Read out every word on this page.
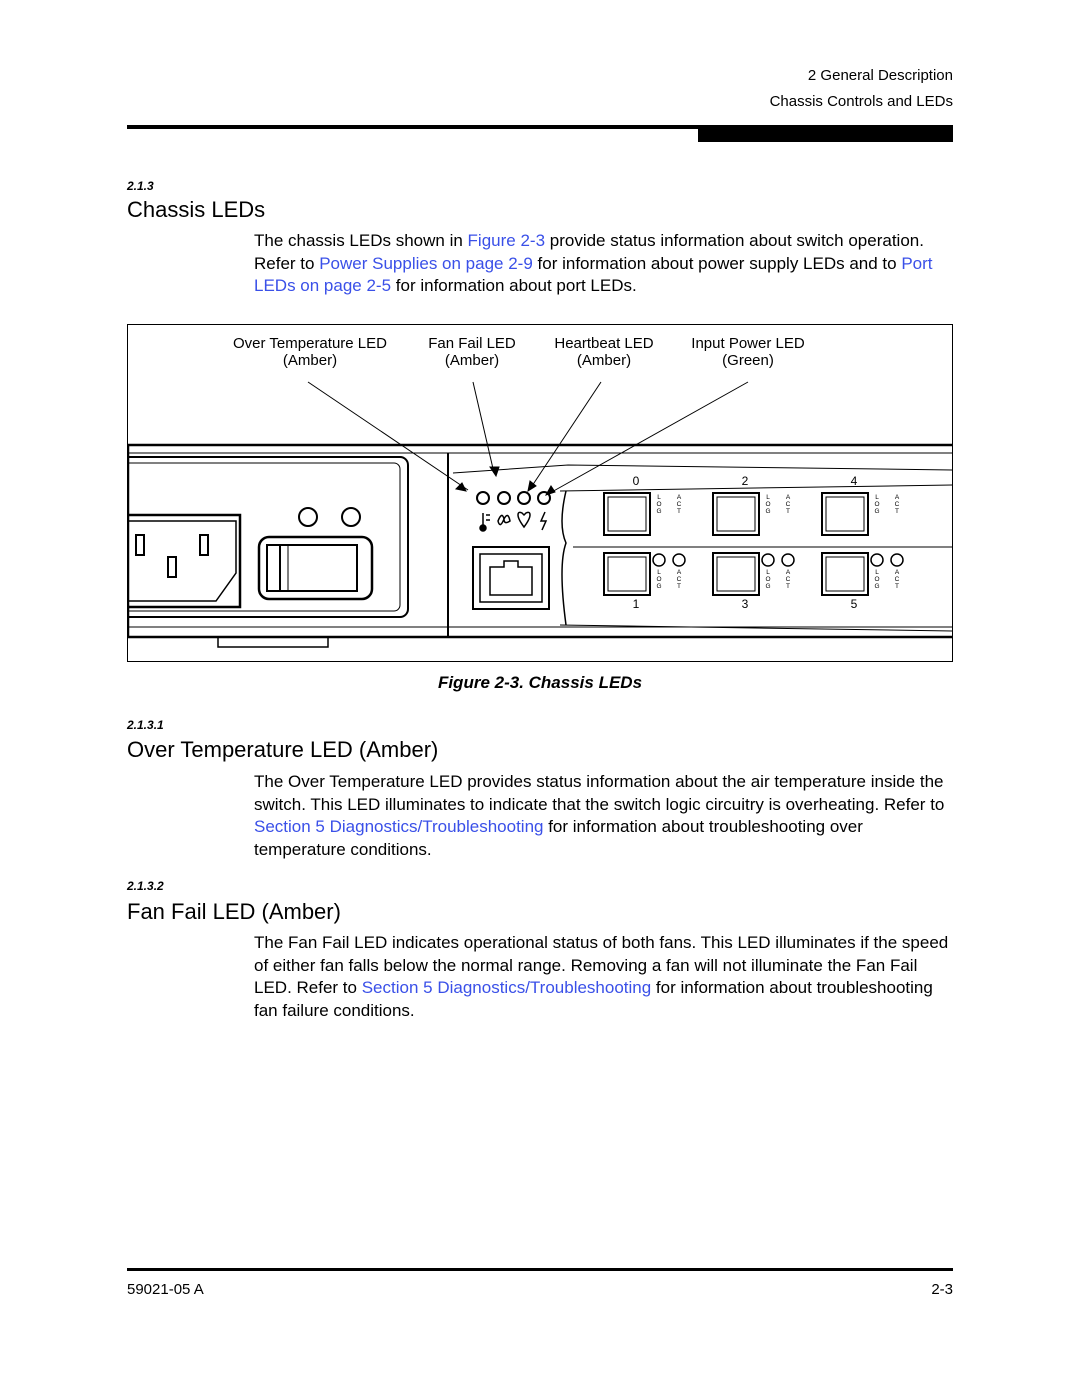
2 General Description
Chassis Controls and LEDs
2.1.3
Chassis LEDs
The chassis LEDs shown in Figure 2-3 provide status information about switch operation. Refer to Power Supplies on page 2-9 for information about power supply LEDs and to Port LEDs on page 2-5 for information about port LEDs.
Over Temperature LED
(Amber)
Fan Fail LED
(Amber)
Heartbeat LED
(Amber)
Input Power LED
(Green)
L
O
G
A
C
T
L
O
G
A
C
T
L
O
G
A
C
T
L
O
G
A
C
T
L
O
G
A
C
T
L
O
G
A
C
T
0	2	4
1	3	5
Figure 2-3. Chassis LEDs
2.1.3.1
Over Temperature LED (Amber)
The Over Temperature LED provides status information about the air temperature inside the switch. This LED illuminates to indicate that the switch logic circuitry is overheating. Refer to Section 5 Diagnostics/Troubleshooting for information about troubleshooting over temperature conditions.
2.1.3.2
Fan Fail LED (Amber)
The Fan Fail LED indicates operational status of both fans. This LED illuminates if the speed of either fan falls below the normal range. Removing a fan will not illuminate the Fan Fail LED. Refer to Section 5 Diagnostics/Troubleshooting for information about troubleshooting fan failure conditions.
59021-05 A	2-3
